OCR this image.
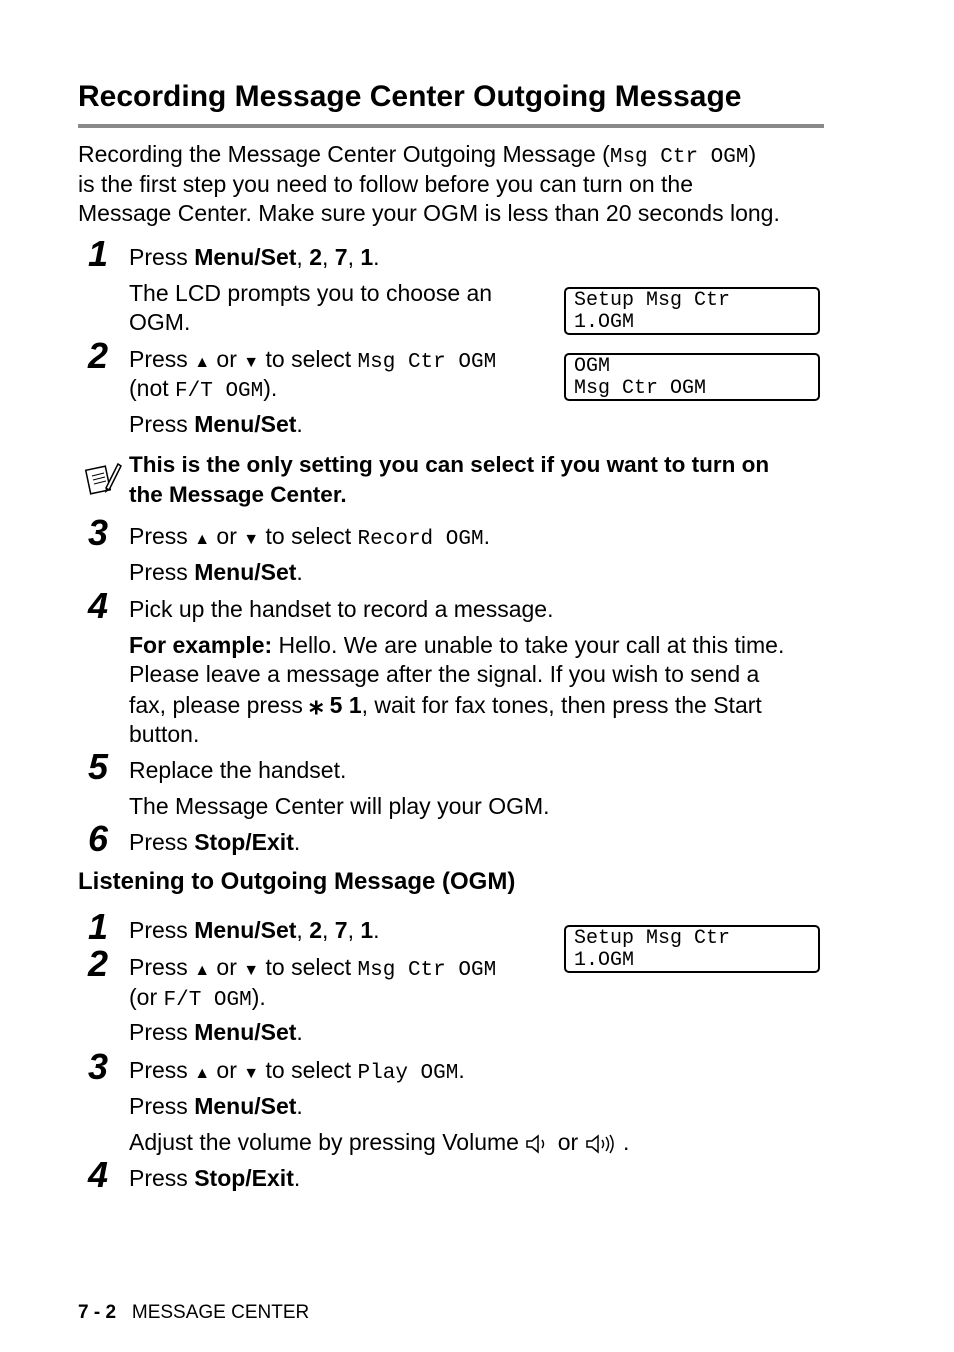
Recording Message Center Outgoing Message
Recording the Message Center Outgoing Message (Msg Ctr OGM)
is the first step you need to follow before you can turn on the
Message Center. Make sure your OGM is less than 20 seconds long.
1 Press Menu/Set, 2, 7, 1.
The LCD prompts you to choose an
OGM.
Setup Msg Ctr
1.OGM
2 Press ▲ or ▼ to select Msg Ctr OGM
(not F/T OGM).
Press Menu/Set.
OGM
Msg Ctr OGM
This is the only setting you can select if you want to turn on
the Message Center.
3 Press ▲ or ▼ to select Record OGM.
Press Menu/Set.
4 Pick up the handset to record a message.
For example: Hello. We are unable to take your call at this time.
Please leave a message after the signal. If you wish to send a
fax, please press ⁎ 5 1, wait for fax tones, then press the Start
button.
5 Replace the handset.
The Message Center will play your OGM.
6 Press Stop/Exit.
Listening to Outgoing Message (OGM)
1 Press Menu/Set, 2, 7, 1.	Setup Msg Ctr
1.OGM
2 Press ▲ or ▼ to select Msg Ctr OGM
(or F/T OGM).
Press Menu/Set.
3 Press ▲ or ▼ to select Play OGM.
Press Menu/Set.
Adjust the volume by pressing Volume  or  .
4 Press Stop/Exit.
7 - 2 MESSAGE CENTER
